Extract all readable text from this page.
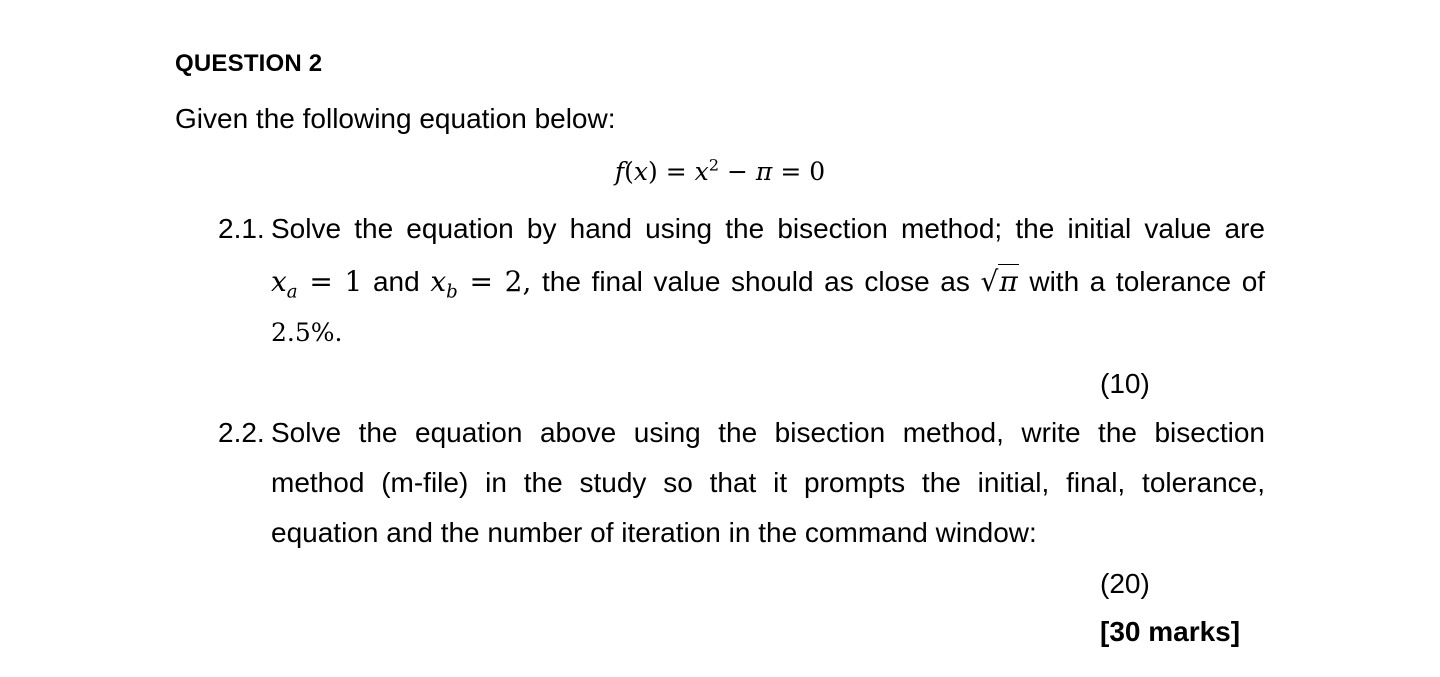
QUESTION 2
Given the following equation below:
$f(x) = x^2 - \pi = 0$
2.1. Solve the equation by hand using the bisection method; the initial value are
$x_a = 1$ and $x_b = 2$, the final value should as close as √π with a tolerance of
2.5%.
(10)
2.2. Solve the equation above using the bisection method, write the bisection
method (m-file) in the study so that it prompts the initial, final, tolerance,
equation and the number of iteration in the command window:
(20)
[30 marks]
